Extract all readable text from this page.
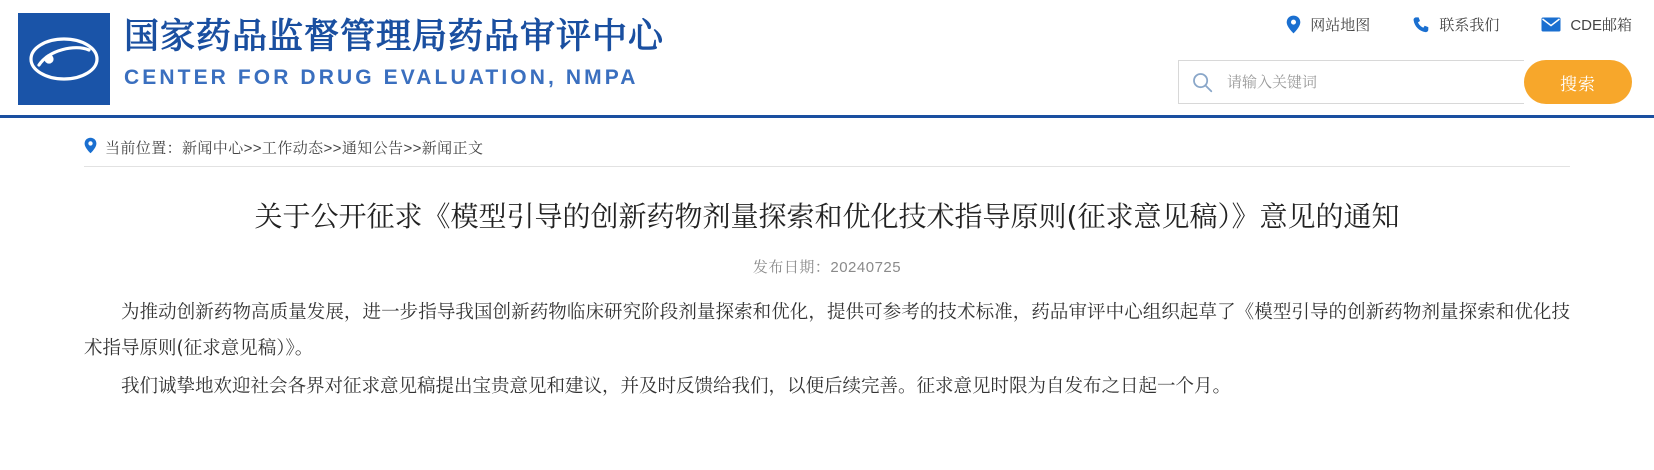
国家药品监督管理局药品审评中心
CENTER FOR DRUG EVALUATION, NMPA
网站地图	联系我们	CDE邮箱
请输入关键词
搜索
当前位置：新闻中心>>工作动态>>通知公告>>新闻正文
关于公开征求《模型引导的创新药物剂量探索和优化技术指导原则(征求意见稿）》意见的通知
发布日期：20240725

为推动创新药物高质量发展，进一步指导我国创新药物临床研究阶段剂量探索和优化，提供可参考的技术标准，药品审评中心组织起草了《模型引导的创新药物剂量探索和优化技术指导原则(征求意见稿）》。

我们诚挚地欢迎社会各界对征求意见稿提出宝贵意见和建议，并及时反馈给我们，以便后续完善。征求意见时限为自发布之日起一个月。
